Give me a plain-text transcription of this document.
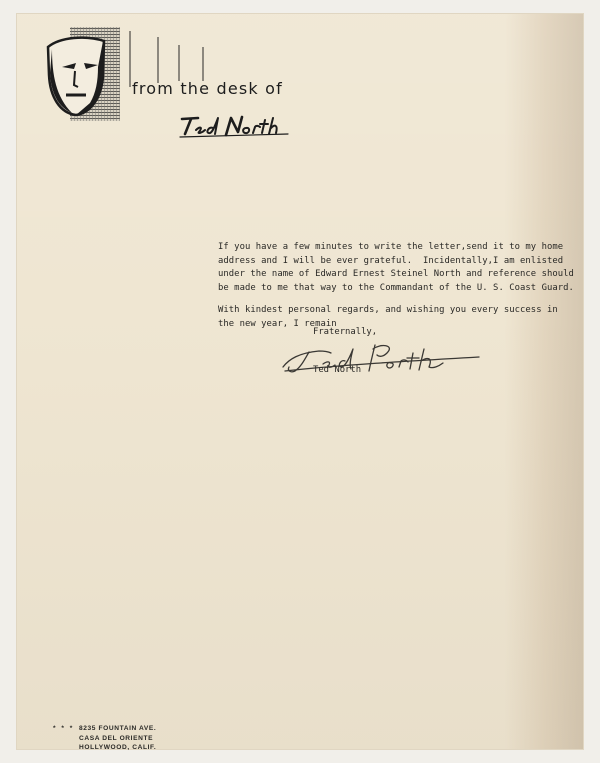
from the desk of

If you have a few minutes to write the letter,send it to my home

address and I will be ever grateful.  Incidentally,I am enlisted

under the name of Edward Ernest Steinel North and reference should

be made to me that way to the Commandant of the U. S. Coast Guard.

With kindest personal regards, and wishing you every success in

the new year, I remain

Fraternally,
Ted North
* * * 8235 FOUNTAIN AVE.
CASA DEL ORIENTE
HOLLYWOOD, CALIF.
